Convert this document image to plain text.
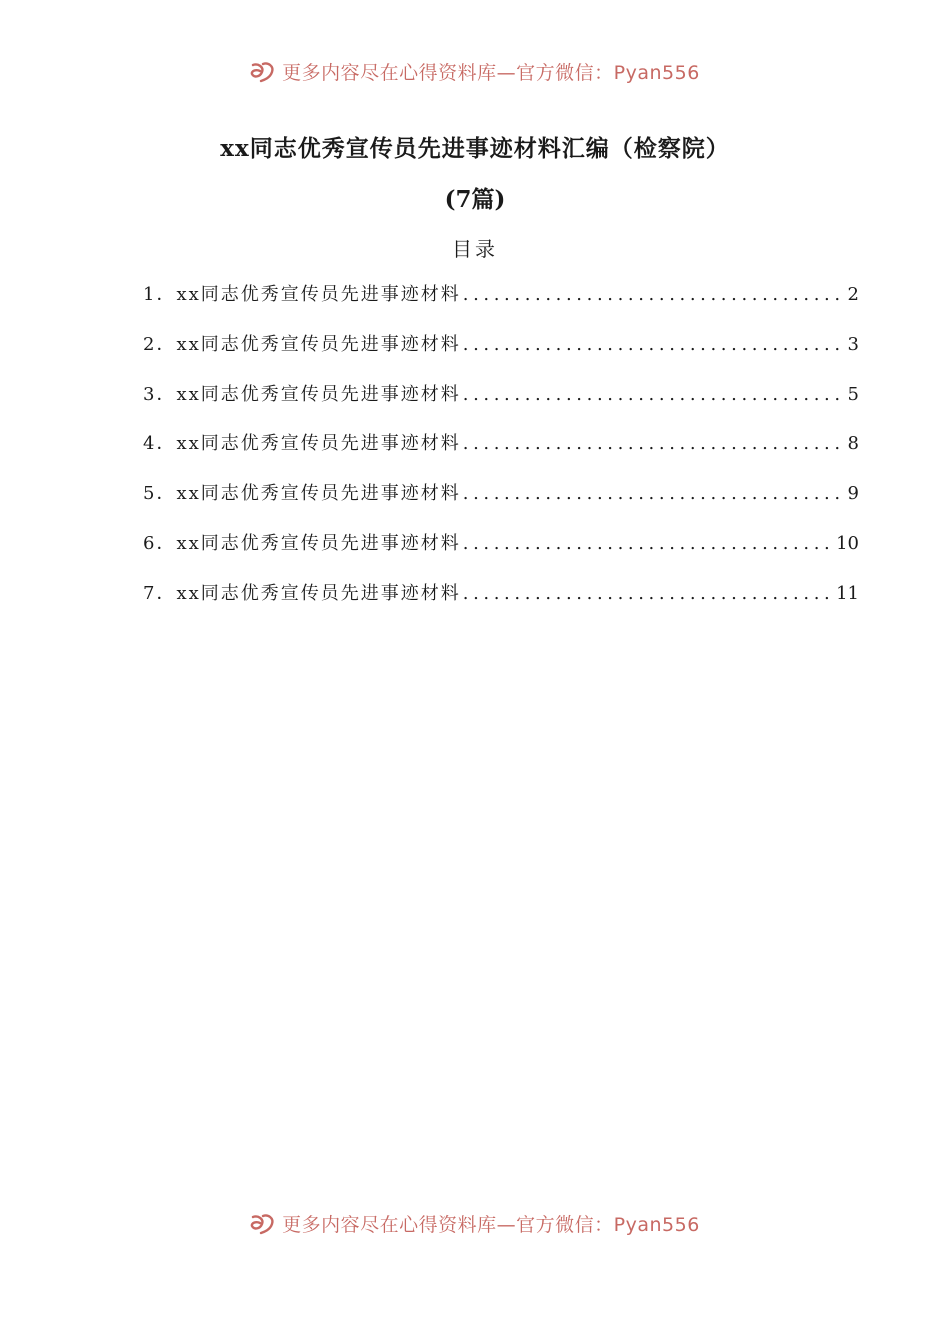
更多内容尽在心得资料库—官方微信：Pyan556
xx同志优秀宣传员先进事迹材料汇编（检察院）
(7篇)
目录
1． xx同志优秀宣传员先进事迹材料 .....	2
2． xx同志优秀宣传员先进事迹材料 .....	3
3． xx同志优秀宣传员先进事迹材料 .....	5
4． xx同志优秀宣传员先进事迹材料 .....	8
5． xx同志优秀宣传员先进事迹材料 .....	9
6． xx同志优秀宣传员先进事迹材料 .....	10
7． xx同志优秀宣传员先进事迹材料 .....	11
更多内容尽在心得资料库—官方微信：Pyan556
